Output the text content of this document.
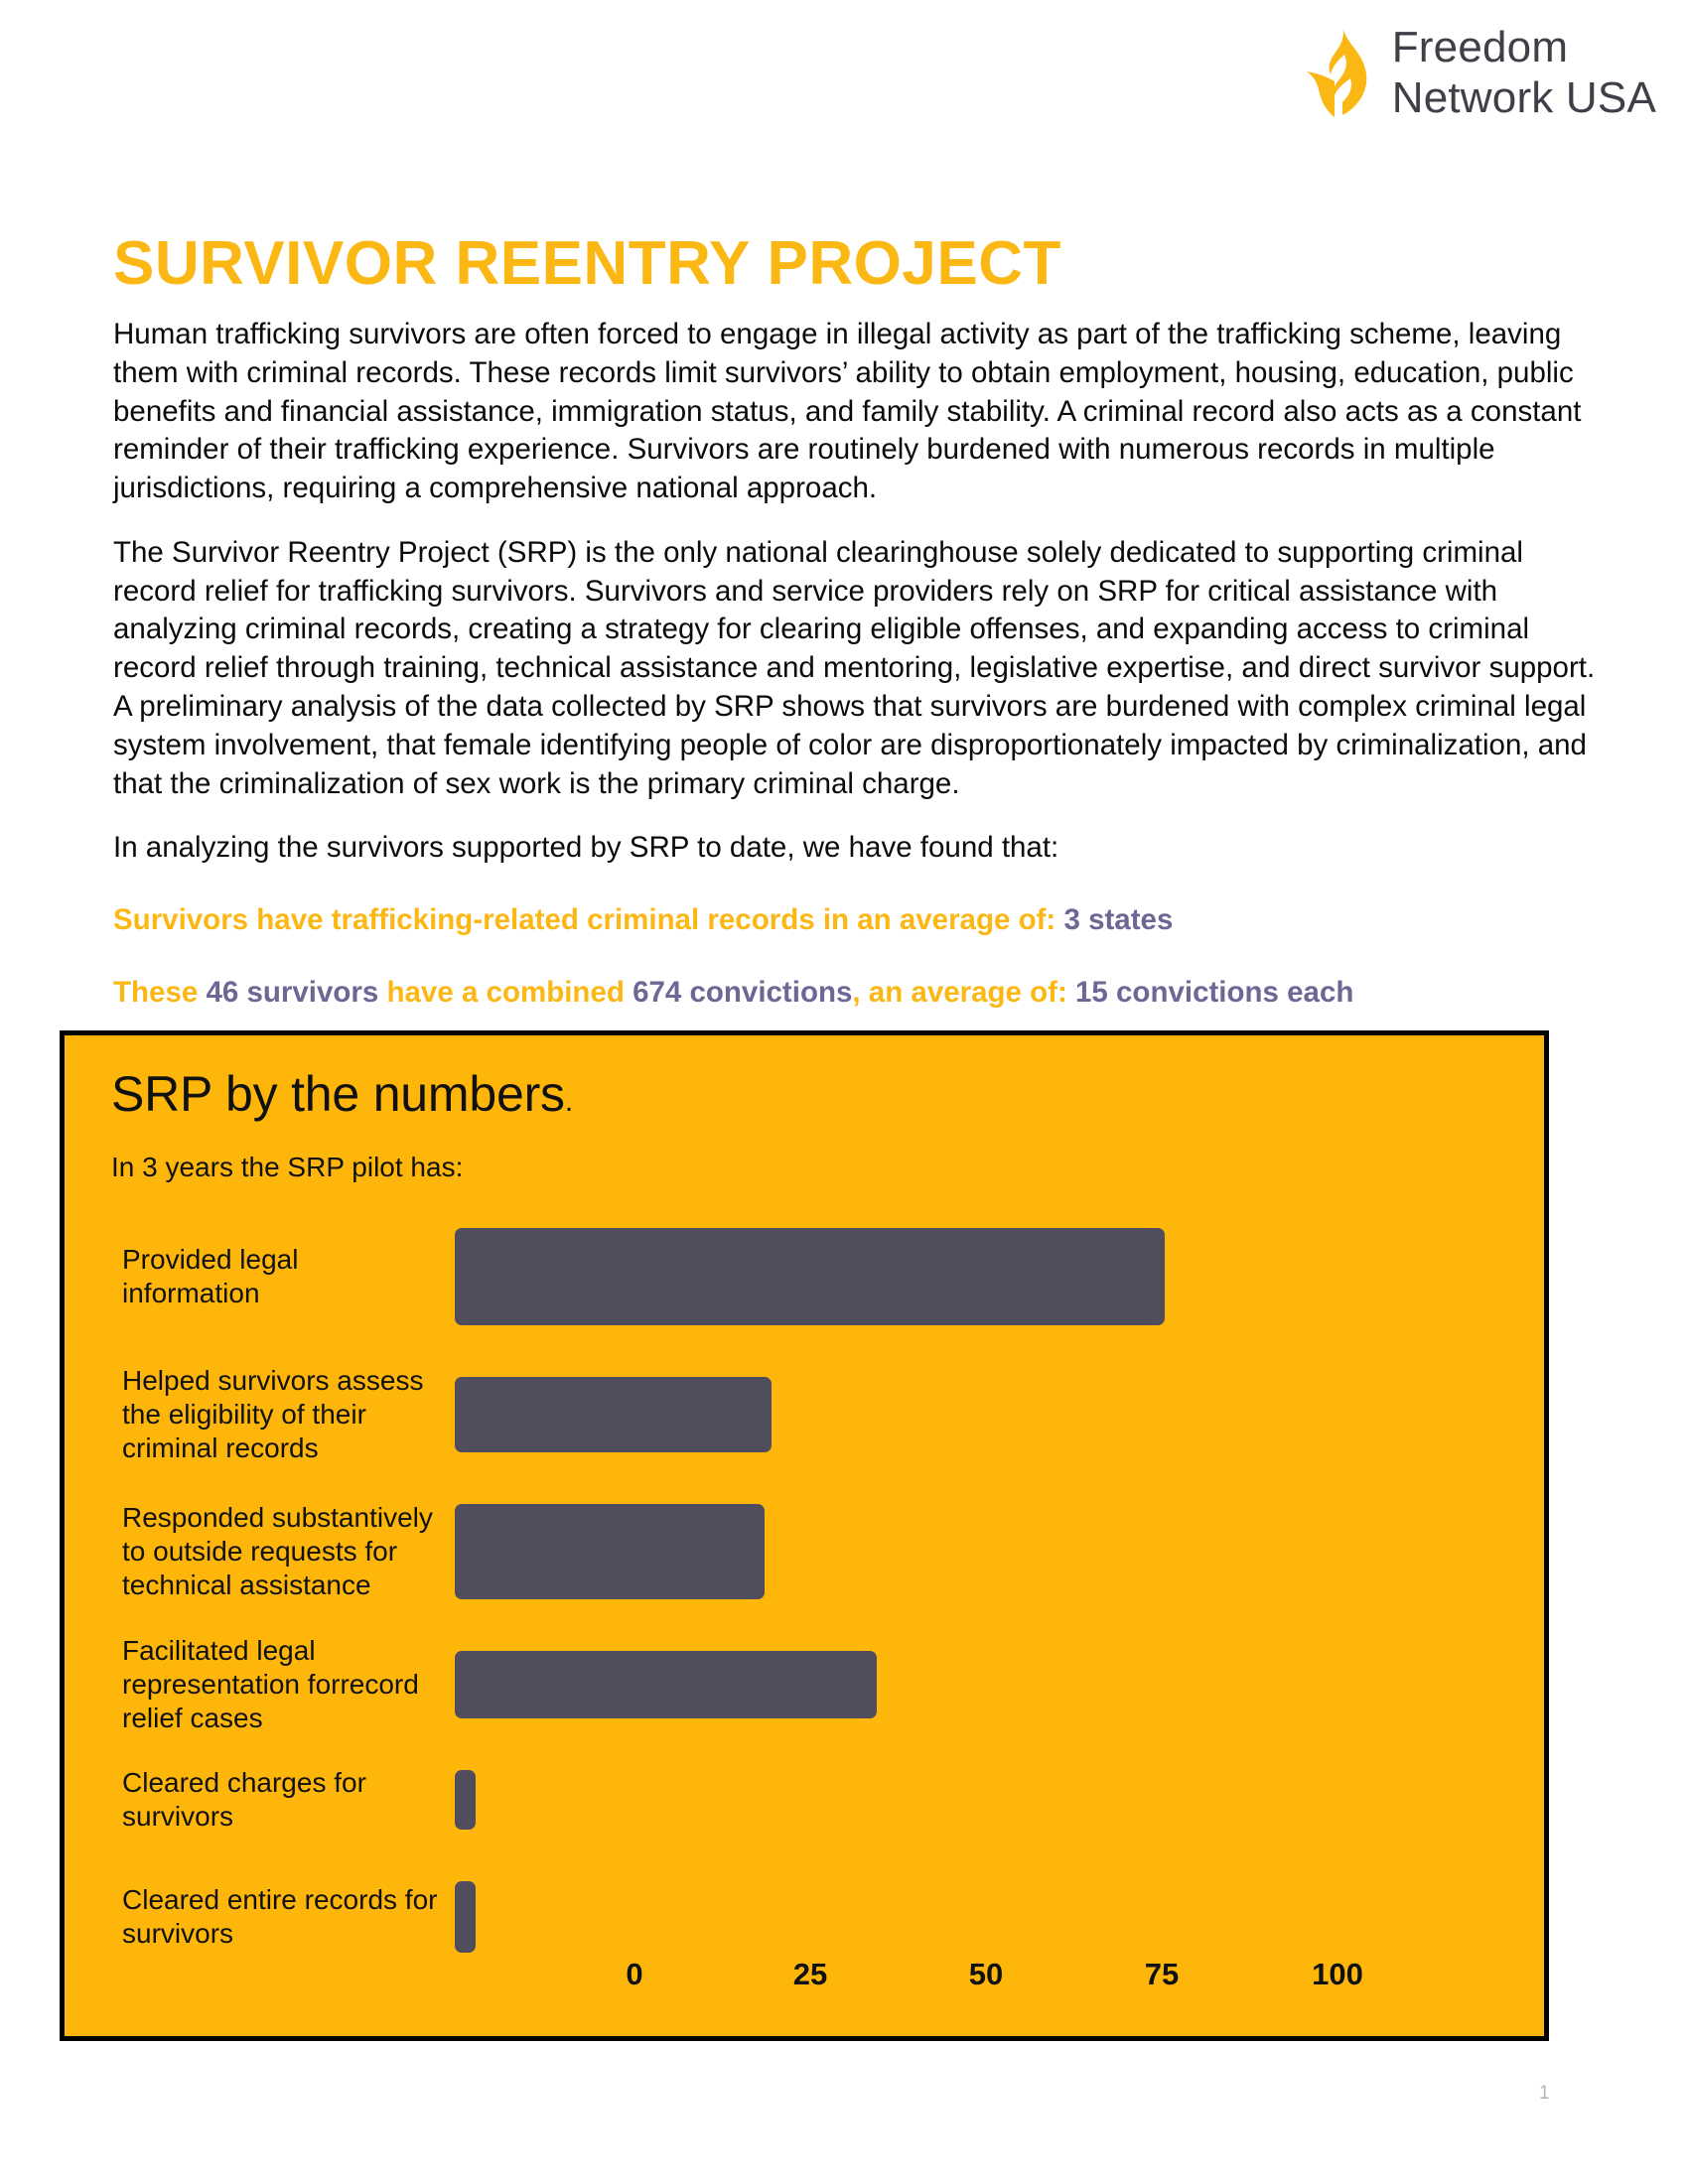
Freedom
Network USA
SURVIVOR REENTRY PROJECT

Human trafficking survivors are often forced to engage in illegal activity as part of the trafficking scheme, leaving them with criminal records. These records limit survivors’ ability to obtain employment, housing, education, public benefits and financial assistance, immigration status, and family stability. A criminal record also acts as a constant reminder of their trafficking experience. Survivors are routinely burdened with numerous records in multiple jurisdictions, requiring a comprehensive national approach.

The Survivor Reentry Project (SRP) is the only national clearinghouse solely dedicated to supporting criminal record relief for trafficking survivors. Survivors and service providers rely on SRP for critical assistance with analyzing criminal records, creating a strategy for clearing eligible offenses, and expanding access to criminal record relief through training, technical assistance and mentoring, legislative expertise, and direct survivor support. A preliminary analysis of the data collected by SRP shows that survivors are burdened with complex criminal legal system involvement, that female identifying people of color are disproportionately impacted by criminalization, and that the criminalization of sex work is the primary criminal charge.

In analyzing the survivors supported by SRP to date, we have found that:

Survivors have trafficking-related criminal records in an average of: 3 states

These 46 survivors have a combined 674 convictions, an average of: 15 convictions each

SRP by the numbers.
In 3 years the SRP pilot has:
Provided legal information
Helped survivors assess the eligibility of their criminal records
Responded substantively to outside requests for technical assistance
Facilitated legal representation forrecord relief cases
Cleared charges for survivors
Cleared entire records for survivors
0	25	50	75	100
1
